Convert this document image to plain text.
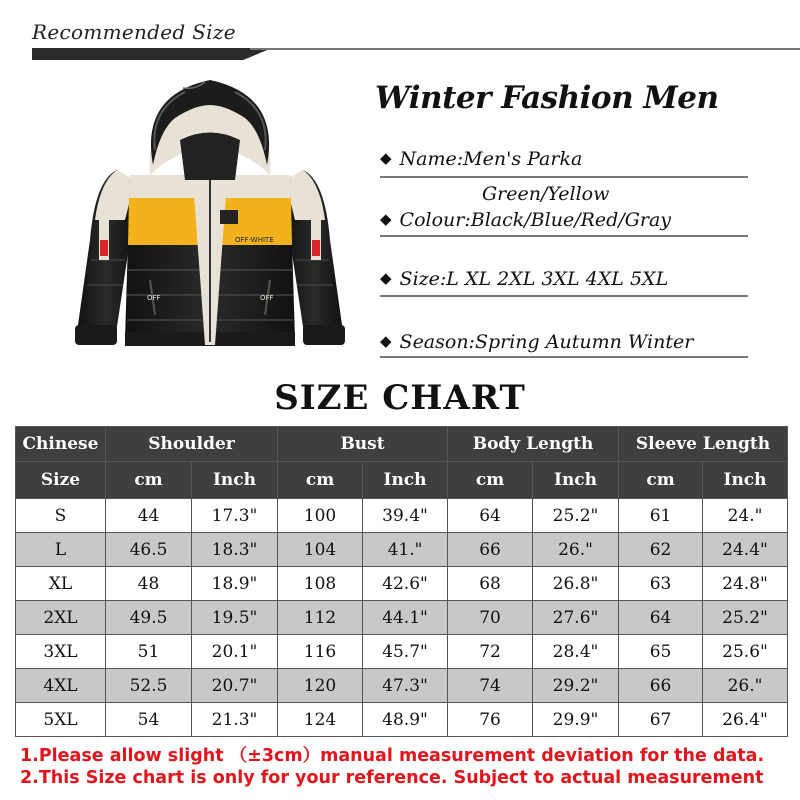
Recommended Size
OFF	OFF
OFF-WHITE
Winter Fashion Men
◆ Name:Men's Parka
Green/Yellow
◆ Colour:Black/Blue/Red/Gray
◆ Size:L XL 2XL 3XL 4XL 5XL
◆ Season:Spring Autumn Winter
SIZE CHART
Chinese	Shoulder		Bust		Body Length		Sleeve Length	
Size	cm	Inch	cm	Inch	cm	Inch	cm	Inch
S	44	17.3"	100	39.4"	64	25.2"	61	24."
L	46.5	18.3"	104	41."	66	26."	62	24.4"
XL	48	18.9"	108	42.6"	68	26.8"	63	24.8"
2XL	49.5	19.5"	112	44.1"	70	27.6"	64	25.2"
3XL	51	20.1"	116	45.7"	72	28.4"	65	25.6"
4XL	52.5	20.7"	120	47.3"	74	29.2"	66	26."
5XL	54	21.3"	124	48.9"	76	29.9"	67	26.4"
1.Please allow slight （±3cm）manual measurement deviation for the data.
2.This Size chart is only for your reference. Subject to actual measurement
